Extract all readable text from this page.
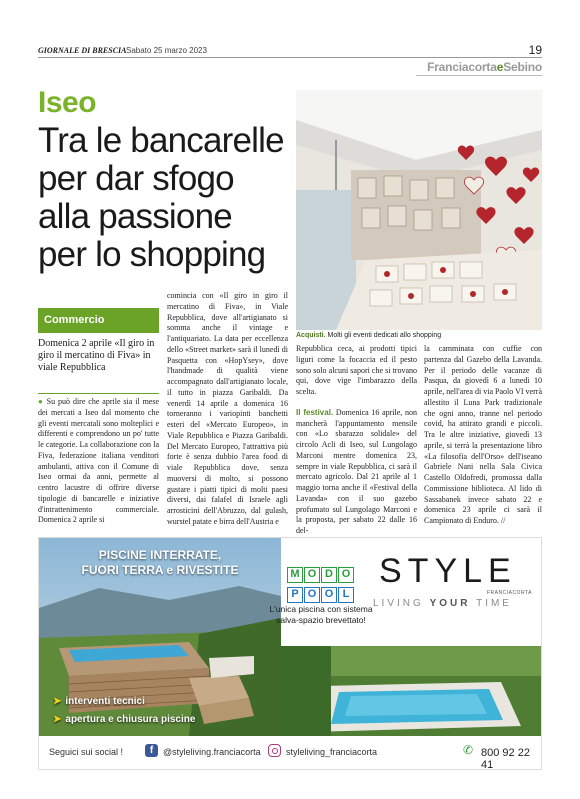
GIORNALE DI BRESCIA Sabato 25 marzo 2023	19
FranciacortaeSebino
Iseo
Tra le bancarelle per dar sfogo alla passione per lo shopping
Acquisti. Molti gli eventi dedicati allo shopping
Commercio
Domenica 2 aprile «Il giro in giro il mercatino di Fiva» in viale Repubblica
● Su può dire che aprile sia il mese dei mercati a Iseo dal momento che gli eventi mercatali sono molteplici e differenti e comprendono un po' tutte le categorie. La collaborazione con la Fiva, federazione italiana venditori ambulanti, attiva con il Comune di Iseo ormai da anni, permette al centro lacustre di offrire diverse tipologie di bancarelle e iniziative d'intrattenimento commerciale. Domenica 2 aprile si
comincia con «Il giro in giro il mercatino di Fiva», in Viale Repubblica, dove all'artigianato si somma anche il vintage e l'antiquariato. La data per eccellenza dello «Street market» sarà il lunedì di Pasquetta con «HopYsey», dove l'handmade di qualità viene accompagnato dall'artigianato locale, il tutto in piazza Garibaldi. Da venerdì 14 aprile a domenica 16 torneranno i variopinti banchetti esteri del «Mercato Europeo», in Viale Repubblica e Piazza Garibaldi. Del Mercato Europeo, l'attrattiva più forte è senza dubbio l'area food di viale Repubblica dove, senza muoversi di molto, si possono gustare i piatti tipici di molti paesi diversi, dai falafel di Israele agli arrosticini dell'Abruzzo, dal gulash, wurstel patate e birra dell'Austria e

Repubblica ceca, ai prodotti tipici liguri come la focaccia ed il pesto sono solo alcuni sapori che si trovano qui, dove vige l'imbarazzo della scelta.

Il festival. Domenica 16 aprile, non mancherà l'appuntamento mensile con «Lo sbarazzo solidale» del circolo Acli di Iseo, sul Lungolago Marconi mentre domenica 23, sempre in viale Repubblica, ci sarà il mercato agricolo. Dal 21 aprile al 1 maggio torna anche il «Festival della Lavanda» con il suo gazebo profumato sul Lungolago Marconi e la proposta, per sabato 22 dalle 16 del-

la camminata con cuffie con partenza dal Gazebo della Lavanda. Per il periodo delle vacanze di Pasqua, da giovedì 6 a lunedì 10 aprile, nell'area di via Paolo VI verrà allestito il Luna Park tradizionale che ogni anno, tranne nel periodo covid, ha attirato grandi e piccoli. Tra le altre iniziative, giovedì 13 aprile, si terrà la presentazione libro «La filosofia dell'Orso» dell'iseano Gabriele Nani nella Sala Civica Castello Oldofredi, promossa dalla Commissione biblioteca. Al lido di Sassabanek invece sabato 22 e domenica 23 aprile ci sarà il Campionato di Enduro. //
PISCINE INTERRATE,
FUORI TERRA e RIVESTITE
➤ interventi tecnici
➤ apertura e chiusura piscine
M O D O
P O O L
L'unica piscina con sistema salva-spazio brevettato!
STYLE
FRANCIACORTA
LIVING YOUR TIME
Seguici sui social !	f	@styleliving.franciacorta	styleliving_franciacorta	✆ 800 92 22 41
